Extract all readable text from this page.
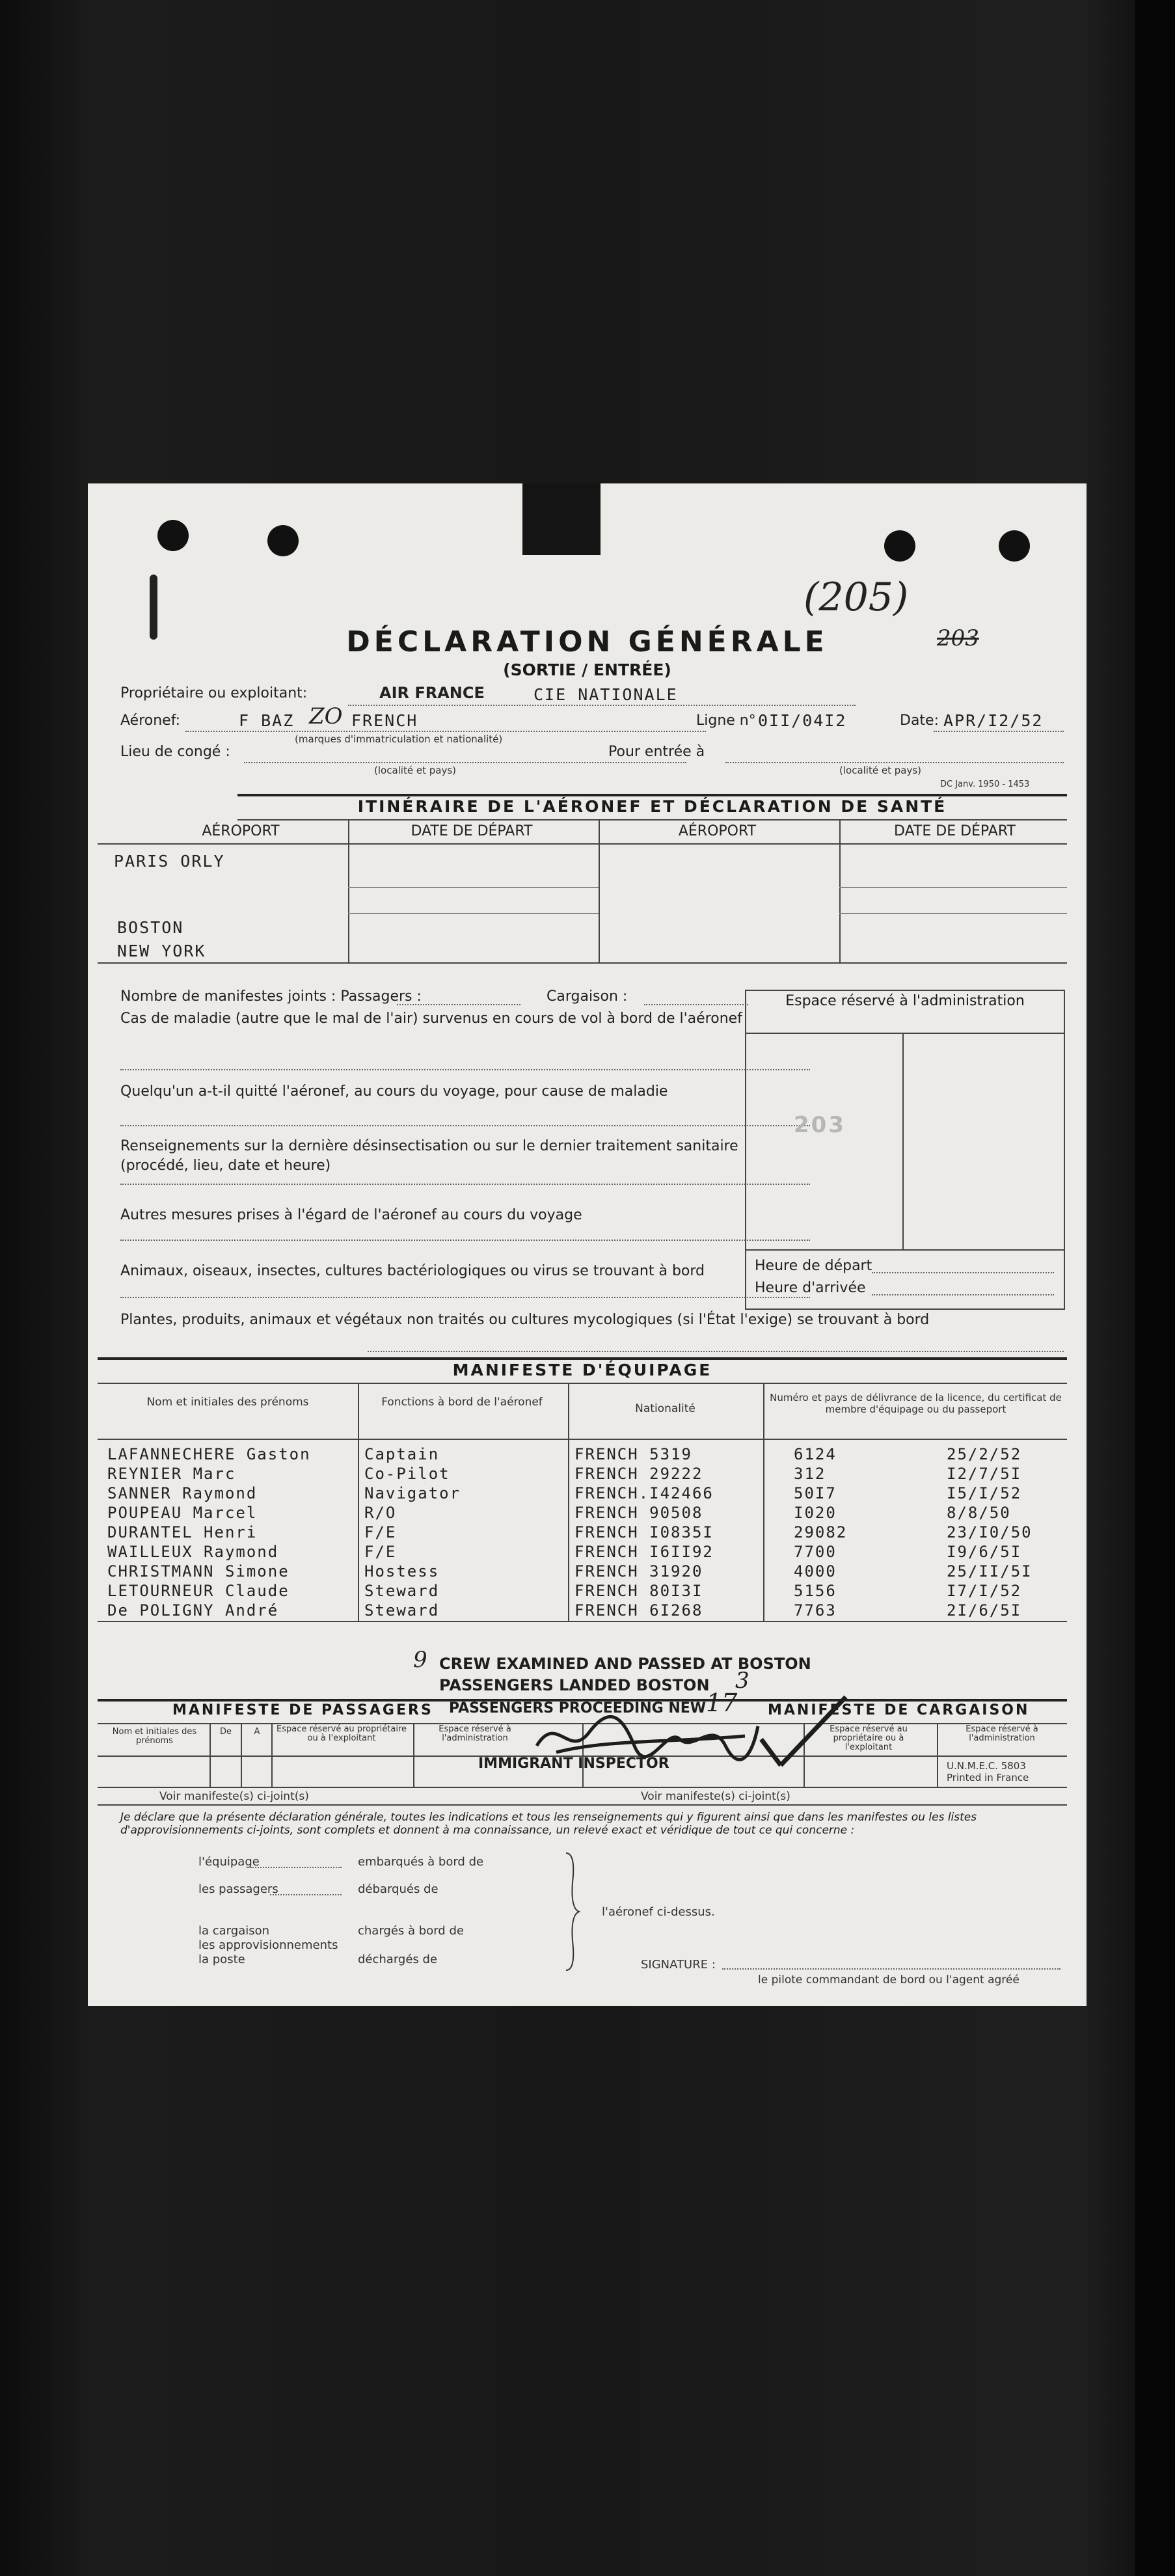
(205)
203
DÉCLARATION GÉNÉRALE
(SORTIE / ENTRÉE)
Propriétaire ou exploitant:	AIR FRANCE	CIE NATIONALE
Aéronef:	F BAZ ZO FRENCH
(marques d'immatriculation et nationalité)
Ligne n° 0II/04I2	Date: APR/I2/52
Lieu de congé :
(localité et pays)
Pour entrée à
(localité et pays)
DC Janv. 1950 - 1453
ITINÉRAIRE DE L'AÉRONEF ET DÉCLARATION DE SANTÉ
AÉROPORT	DATE DE DÉPART	AÉROPORT	DATE DE DÉPART
PARIS ORLY
BOSTON
NEW YORK
Nombre de manifestes joints : Passagers :	Cargaison :
Cas de maladie (autre que le mal de l'air) survenus en cours de vol à bord de l'aéronef
Quelqu'un a-t-il quitté l'aéronef, au cours du voyage, pour cause de maladie
Renseignements sur la dernière désinsectisation ou sur le dernier traitement sanitaire (procédé, lieu, date et heure)
Autres mesures prises à l'égard de l'aéronef au cours du voyage
Animaux, oiseaux, insectes, cultures bactériologiques ou virus se trouvant à bord
Plantes, produits, animaux et végétaux non traités ou cultures mycologiques (si l'État l'exige) se trouvant à bord
Espace réservé à l'administration
203
Heure de départ
Heure d'arrivée
MANIFESTE D'ÉQUIPAGE
Nom et initiales des prénoms	Fonctions à bord de l'aéronef	Nationalité
Numéro et pays de délivrance de la licence, du certificat de membre d'équipage ou du passeport
LAFANNECHERE Gaston	Captain	FRENCH 5319	6124	25/2/52
REYNIER Marc	Co-Pilot	FRENCH 29222	312	I2/7/5I
SANNER Raymond	Navigator	FRENCH.I42466	50I7	I5/I/52
POUPEAU Marcel	R/O	FRENCH 90508	I020	8/8/50
DURANTEL Henri	F/E	FRENCH I0835I	29082	23/I0/50
WAILLEUX Raymond	F/E	FRENCH I6II92	7700	I9/6/5I
CHRISTMANN Simone	Hostess	FRENCH 31920	4000	25/II/5I
LETOURNEUR Claude	Steward	FRENCH 80I3I	5156	I7/I/52
De POLIGNY André	Steward	FRENCH 6I268	7763	2I/6/5I
9 CREW EXAMINED AND PASSED AT BOSTON
PASSENGERS LANDED BOSTON 3
MANIFESTE DE PASSAGERS	MANIFESTE DE CARGAISON
PASSENGERS PROCEEDING NEW 17
Nom et initiales des prénoms
De	A	Espace réservé au propriétaire ou à l'exploitant
Espace réservé à l'administration
Espace réservé au propriétaire ou à l'exploitant
Espace réservé à l'administration
U.N.M.E.C. 5803
Printed in France
IMMIGRANT INSPECTOR
Voir manifeste(s) ci-joint(s)	Voir manifeste(s) ci-joint(s)
Je déclare que la présente déclaration générale, toutes les indications et tous les renseignements qui y figurent ainsi que dans les manifestes ou les listes d'approvisionnements ci-joints, sont complets et donnent à ma connaissance, un relevé exact et véridique de tout ce qui concerne :
l'équipage	embarqués à bord de
débarqués de
les passagers
la cargaison	chargés à bord de
les approvisionnements
la poste	déchargés de
l'aéronef ci-dessus.
SIGNATURE :
le pilote commandant de bord ou l'agent agréé
